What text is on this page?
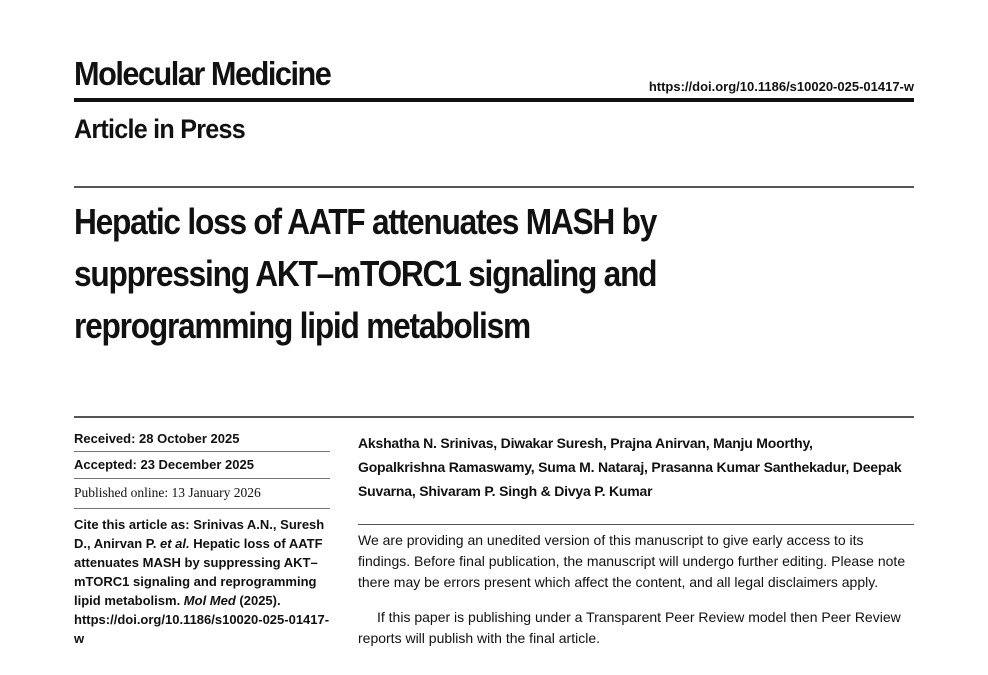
Molecular Medicine	https://doi.org/10.1186/s10020-025-01417-w
Article in Press
Hepatic loss of AATF attenuates MASH by
suppressing AKT–mTORC1 signaling and
reprogramming lipid metabolism
Received: 28 October 2025
Accepted: 23 December 2025
Published online: 13 January 2026
Cite this article as: Srinivas A.N., Suresh D., Anirvan P. et al. Hepatic loss of AATF attenuates MASH by suppressing AKT–mTORC1 signaling and reprogramming lipid metabolism. Mol Med (2025). https://doi.org/10.1186/s10020-025-01417-w
Akshatha N. Srinivas, Diwakar Suresh, Prajna Anirvan, Manju Moorthy, Gopalkrishna Ramaswamy, Suma M. Nataraj, Prasanna Kumar Santhekadur, Deepak Suvarna, Shivaram P. Singh & Divya P. Kumar

We are providing an unedited version of this manuscript to give early access to its findings. Before final publication, the manuscript will undergo further editing. Please note there may be errors present which affect the content, and all legal disclaimers apply.

If this paper is publishing under a Transparent Peer Review model then Peer Review reports will publish with the final article.
